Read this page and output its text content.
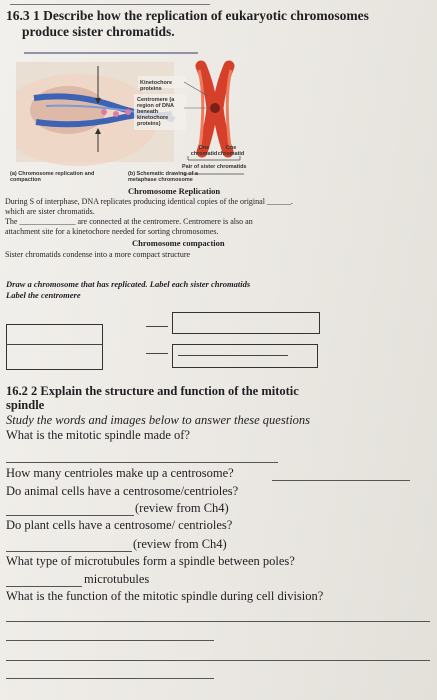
16.3 1 Describe how the replication of eukaryotic chromosomes
produce sister chromatids.
Kinetochore proteins
Centromere (a region of DNA beneath kinetochore proteins)
One chromatid
One chromatid
Pair of sister chromatids
(a) Chromosome replication and compaction
(b) Schematic drawing of a metaphase chromosome
Chromosome Replication
During S of interphase, DNA replicates producing identical copies of the original ______.
which are sister chromatids.
The ______________ are connected at the centromere. Centromere is also an
attachment site for a kinetochore needed for sorting chromosomes.
Chromosome compaction
Sister chromatids condense into a more compact structure
Draw a chromosome that has replicated. Label each sister chromatids
Label the centromere
16.2 2 Explain the structure and function of the mitotic
spindle
Study the words and images below to answer these questions
What is the mitotic spindle made of?
How many centrioles make up a centrosome?
Do animal cells have a centrosome/centrioles?
(review from Ch4)
Do plant cells have a centrosome/ centrioles?
(review from Ch4)
What type of microtubules form a spindle between poles?
microtubules
What is the function of the mitotic spindle during cell division?
